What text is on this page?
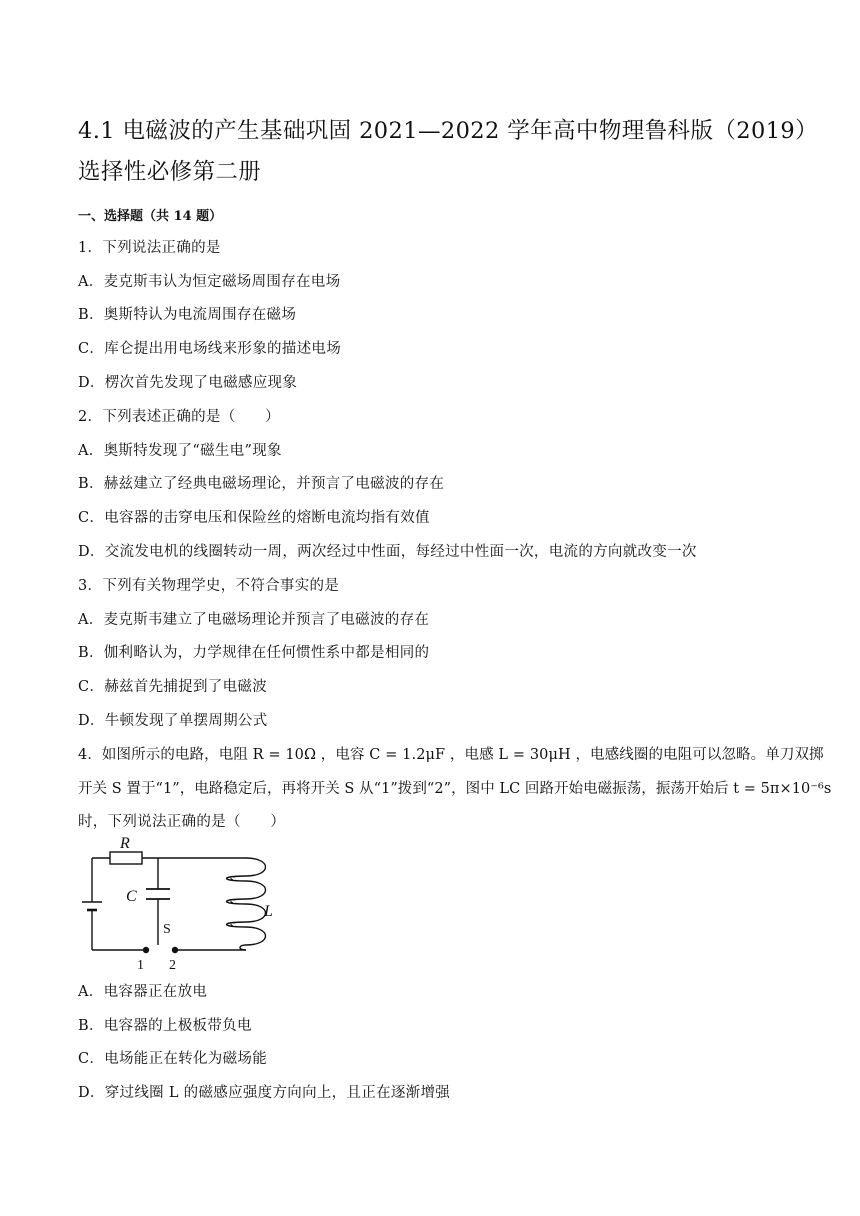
4.1 电磁波的产生基础巩固 2021—2022 学年高中物理鲁科版（2019）
选择性必修第二册
一、选择题（共 14 题）
1．下列说法正确的是
A．麦克斯韦认为恒定磁场周围存在电场
B．奥斯特认为电流周围存在磁场
C．库仑提出用电场线来形象的描述电场
D．楞次首先发现了电磁感应现象
2．下列表述正确的是（　　）
A．奥斯特发现了“磁生电”现象
B．赫兹建立了经典电磁场理论，并预言了电磁波的存在
C．电容器的击穿电压和保险丝的熔断电流均指有效值
D．交流发电机的线圈转动一周，两次经过中性面，每经过中性面一次，电流的方向就改变一次
3．下列有关物理学史，不符合事实的是
A．麦克斯韦建立了电磁场理论并预言了电磁波的存在
B．伽利略认为，力学规律在任何惯性系中都是相同的
C．赫兹首先捕捉到了电磁波
D．牛顿发现了单摆周期公式
4．如图所示的电路，电阻 R = 10Ω ，电容 C = 1.2μF ，电感 L = 30μH ，电感线圈的电阻可以忽略。单刀双掷
开关 S 置于“1”，电路稳定后，再将开关 S 从“1”拨到“2”，图中 LC 回路开始电磁振荡，振荡开始后 t = 5π×10⁻⁶s
时，下列说法正确的是（　　）
R
C
L
S
1 2
A．电容器正在放电
B．电容器的上极板带负电
C．电场能正在转化为磁场能
D．穿过线圈 L 的磁感应强度方向向上，且正在逐渐增强
